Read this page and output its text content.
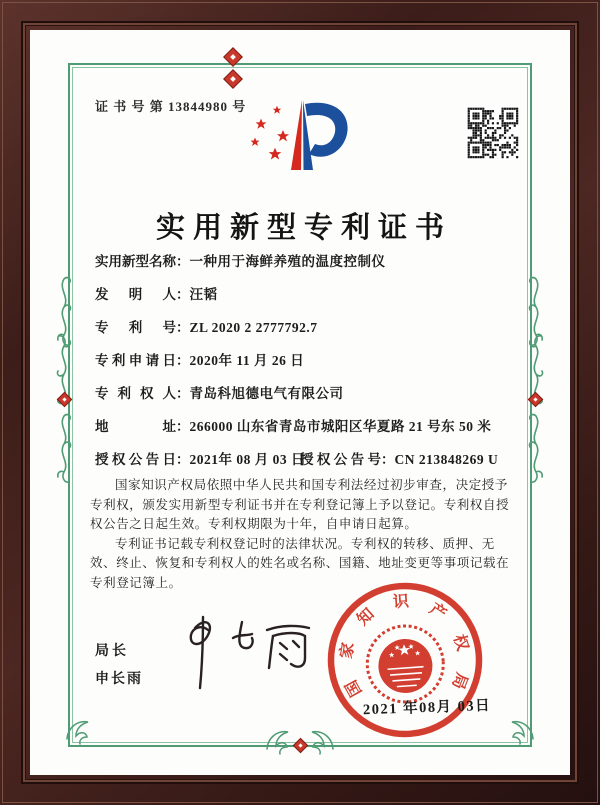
证 书 号 第 13844980 号
实用新型专利证书
实用新型名称：一种用于海鲜养殖的温度控制仪
发明人：汪韬
专利号：ZL 2020 2 2777792.7
专利申请日：2020年 11 月 26 日
专利权人：青岛科旭德电气有限公司
地址：266000 山东省青岛市城阳区华夏路 21 号东 50 米
授权公告日：2021年 08 月 03 日
授权公告号：CN 213848269 U

国家知识产权局依照中华人民共和国专利法经过初步审查，决定授予专利权，颁发实用新型专利证书并在专利登记簿上予以登记。专利权自授权公告之日起生效。专利权期限为十年，自申请日起算。

专利证书记载专利权登记时的法律状况。专利权的转移、质押、无效、终止、恢复和专利权人的姓名或名称、国籍、地址变更等事项记载在专利登记簿上。

局长
申长雨	国
家
知
识 产
权
局
2021 年08月 03日
